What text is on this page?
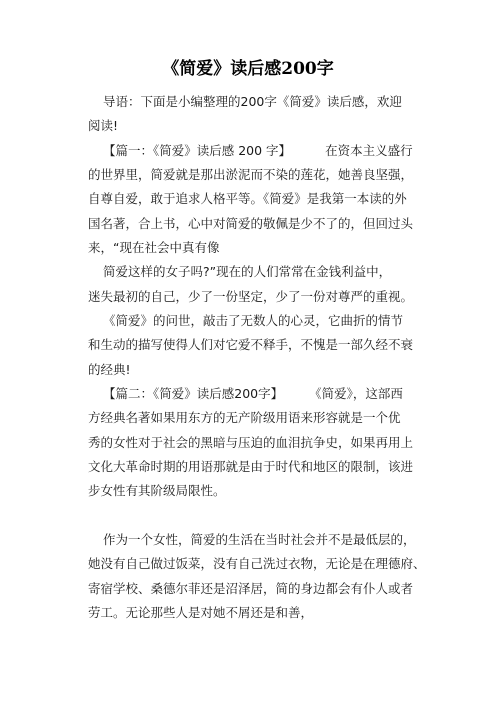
《简爱》读后感200字
导语：下面是小编整理的200字《简爱》读后感，欢迎
阅读!
【篇一：《简爱》读后感 200 字】	在资本主义盛行
的世界里，简爱就是那出淤泥而不染的莲花，她善良坚强，
自尊自爱，敢于追求人格平等。《简爱》是我第一本读的外
国名著，合上书，心中对简爱的敬佩是少不了的，但回过头
来，“现在社会中真有像
简爱这样的女子吗?”现在的人们常常在金钱利益中，
迷失最初的自己，少了一份坚定，少了一份对尊严的重视。
《简爱》的问世，敲击了无数人的心灵，它曲折的情节
和生动的描写使得人们对它爱不释手，不愧是一部久经不衰
的经典!
【篇二：《简爱》读后感200字】 《简爱》，这部西
方经典名著如果用东方的无产阶级用语来形容就是一个优
秀的女性对于社会的黑暗与压迫的血泪抗争史，如果再用上
文化大革命时期的用语那就是由于时代和地区的限制，该进
步女性有其阶级局限性。
作为一个女性，简爱的生活在当时社会并不是最低层的，
她没有自己做过饭菜，没有自己洗过衣物，无论是在理德府、
寄宿学校、桑德尔菲还是沼泽居，简的身边都会有仆人或者
劳工。无论那些人是对她不屑还是和善，
